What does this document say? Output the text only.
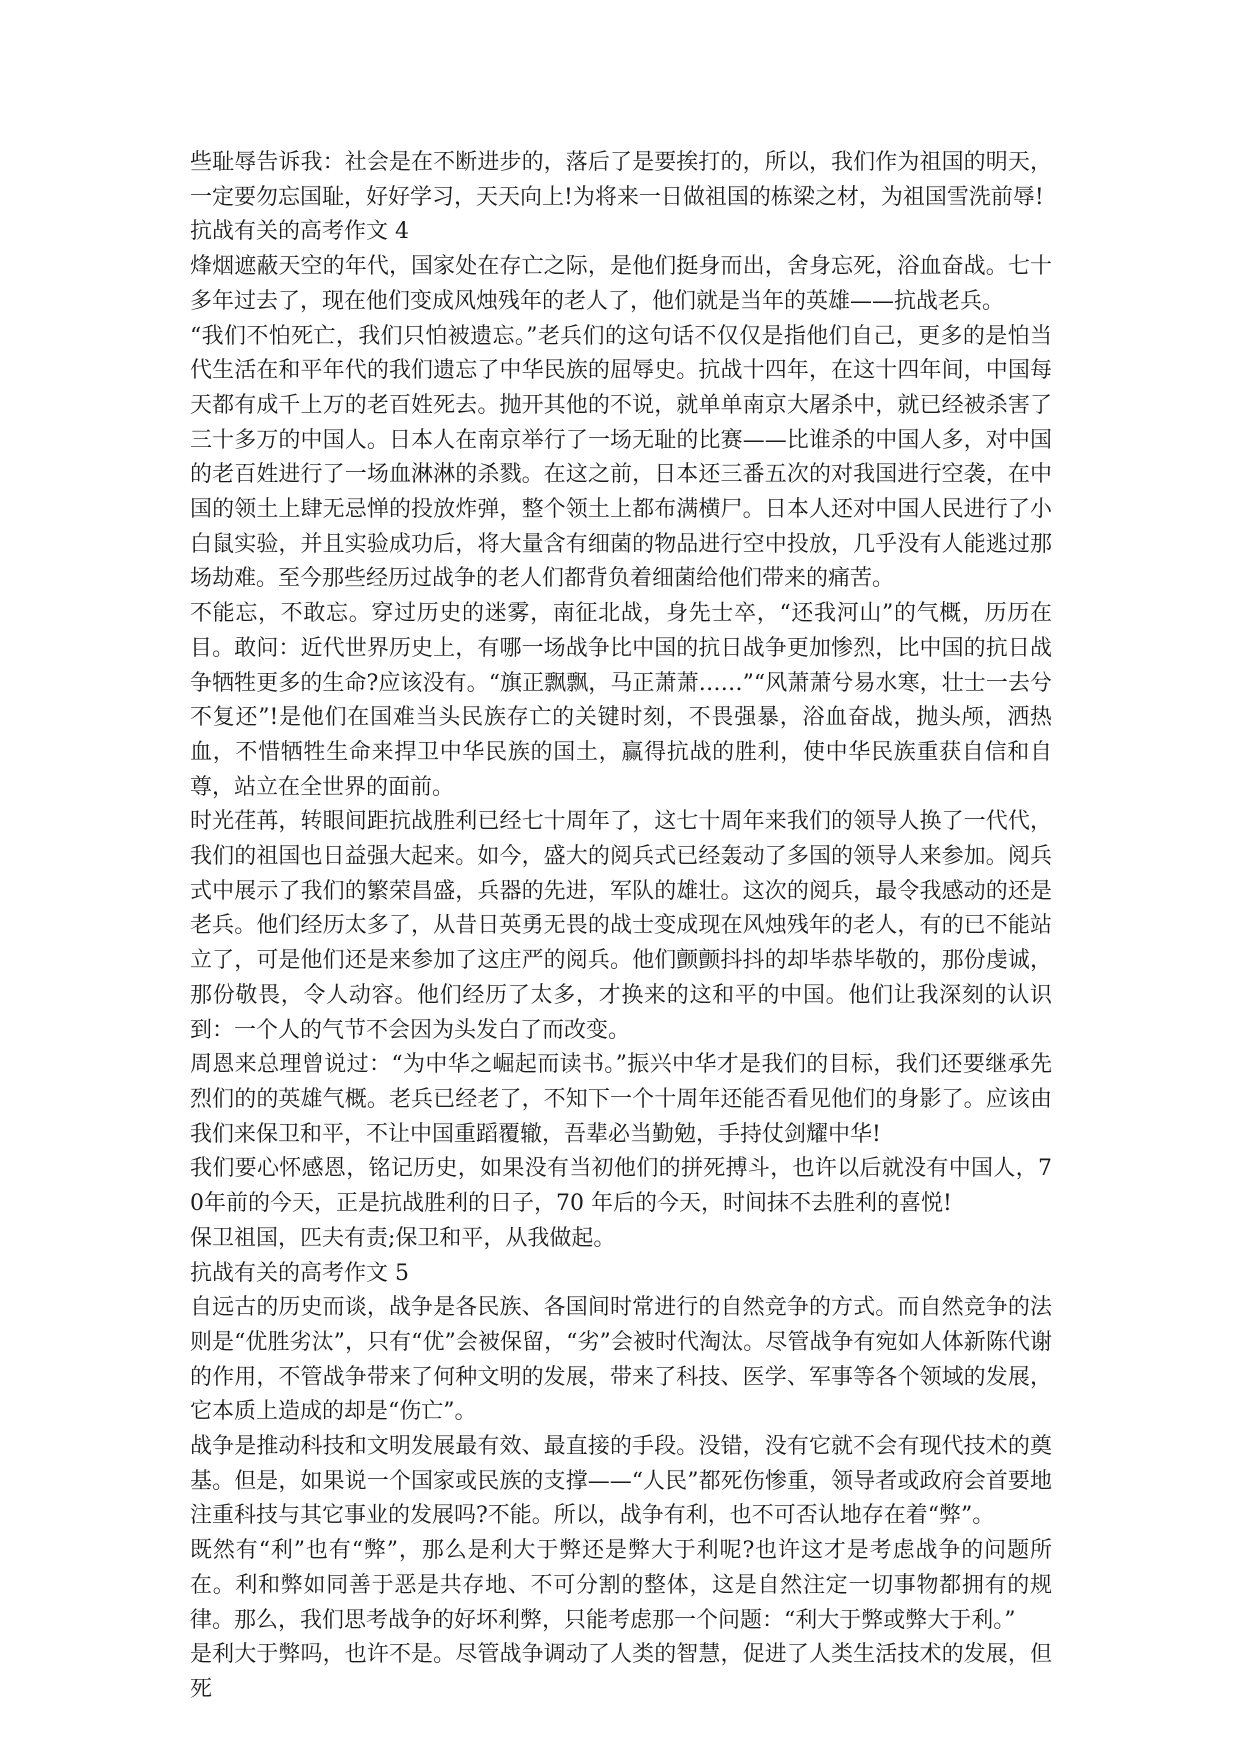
些耻辱告诉我：社会是在不断进步的，落后了是要挨打的，所以，我们作为祖国的明天，一定要勿忘国耻，好好学习，天天向上!为将来一日做祖国的栋梁之材，为祖国雪洗前辱!

抗战有关的高考作文 4

烽烟遮蔽天空的年代，国家处在存亡之际，是他们挺身而出，舍身忘死，浴血奋战。七十多年过去了，现在他们变成风烛残年的老人了，他们就是当年的英雄——抗战老兵。

“我们不怕死亡，我们只怕被遗忘。”老兵们的这句话不仅仅是指他们自己，更多的是怕当代生活在和平年代的我们遗忘了中华民族的屈辱史。抗战十四年，在这十四年间，中国每天都有成千上万的老百姓死去。抛开其他的不说，就单单南京大屠杀中，就已经被杀害了三十多万的中国人。日本人在南京举行了一场无耻的比赛——比谁杀的中国人多，对中国的老百姓进行了一场血淋淋的杀戮。在这之前，日本还三番五次的对我国进行空袭，在中国的领土上肆无忌惮的投放炸弹，整个领土上都布满横尸。日本人还对中国人民进行了小白鼠实验，并且实验成功后，将大量含有细菌的物品进行空中投放，几乎没有人能逃过那场劫难。至今那些经历过战争的老人们都背负着细菌给他们带来的痛苦。

不能忘，不敢忘。穿过历史的迷雾，南征北战，身先士卒，“还我河山”的气概，历历在目。敢问：近代世界历史上，有哪一场战争比中国的抗日战争更加惨烈，比中国的抗日战争牺牲更多的生命?应该没有。“旗正飘飘，马正萧萧……”“风萧萧兮易水寒，壮士一去兮不复还”!是他们在国难当头民族存亡的关键时刻，不畏强暴，浴血奋战，抛头颅，洒热血，不惜牺牲生命来捍卫中华民族的国土，赢得抗战的胜利，使中华民族重获自信和自尊，站立在全世界的面前。

时光荏苒，转眼间距抗战胜利已经七十周年了，这七十周年来我们的领导人换了一代代，我们的祖国也日益强大起来。如今，盛大的阅兵式已经轰动了多国的领导人来参加。阅兵式中展示了我们的繁荣昌盛，兵器的先进，军队的雄壮。这次的阅兵，最令我感动的还是老兵。他们经历太多了，从昔日英勇无畏的战士变成现在风烛残年的老人，有的已不能站立了，可是他们还是来参加了这庄严的阅兵。他们颤颤抖抖的却毕恭毕敬的，那份虔诚，那份敬畏，令人动容。他们经历了太多，才换来的这和平的中国。他们让我深刻的认识到：一个人的气节不会因为头发白了而改变。

周恩来总理曾说过：“为中华之崛起而读书。”振兴中华才是我们的目标，我们还要继承先烈们的的英雄气概。老兵已经老了，不知下一个十周年还能否看见他们的身影了。应该由我们来保卫和平，不让中国重蹈覆辙，吾辈必当勤勉，手持仗剑耀中华!

我们要心怀感恩，铭记历史，如果没有当初他们的拼死搏斗，也许以后就没有中国人，70年前的今天，正是抗战胜利的日子，70 年后的今天，时间抹不去胜利的喜悦!

保卫祖国，匹夫有责;保卫和平，从我做起。

抗战有关的高考作文 5

自远古的历史而谈，战争是各民族、各国间时常进行的自然竞争的方式。而自然竞争的法则是“优胜劣汰”，只有“优”会被保留，“劣”会被时代淘汰。尽管战争有宛如人体新陈代谢的作用，不管战争带来了何种文明的发展，带来了科技、医学、军事等各个领域的发展，它本质上造成的却是“伤亡”。

战争是推动科技和文明发展最有效、最直接的手段。没错，没有它就不会有现代技术的奠基。但是，如果说一个国家或民族的支撑——“人民”都死伤惨重，领导者或政府会首要地注重科技与其它事业的发展吗?不能。所以，战争有利，也不可否认地存在着“弊”。

既然有“利”也有“弊”，那么是利大于弊还是弊大于利呢?也许这才是考虑战争的问题所在。利和弊如同善于恶是共存地、不可分割的整体，这是自然注定一切事物都拥有的规律。那么，我们思考战争的好坏利弊，只能考虑那一个问题：“利大于弊或弊大于利。”

是利大于弊吗，也许不是。尽管战争调动了人类的智慧，促进了人类生活技术的发展，但死
